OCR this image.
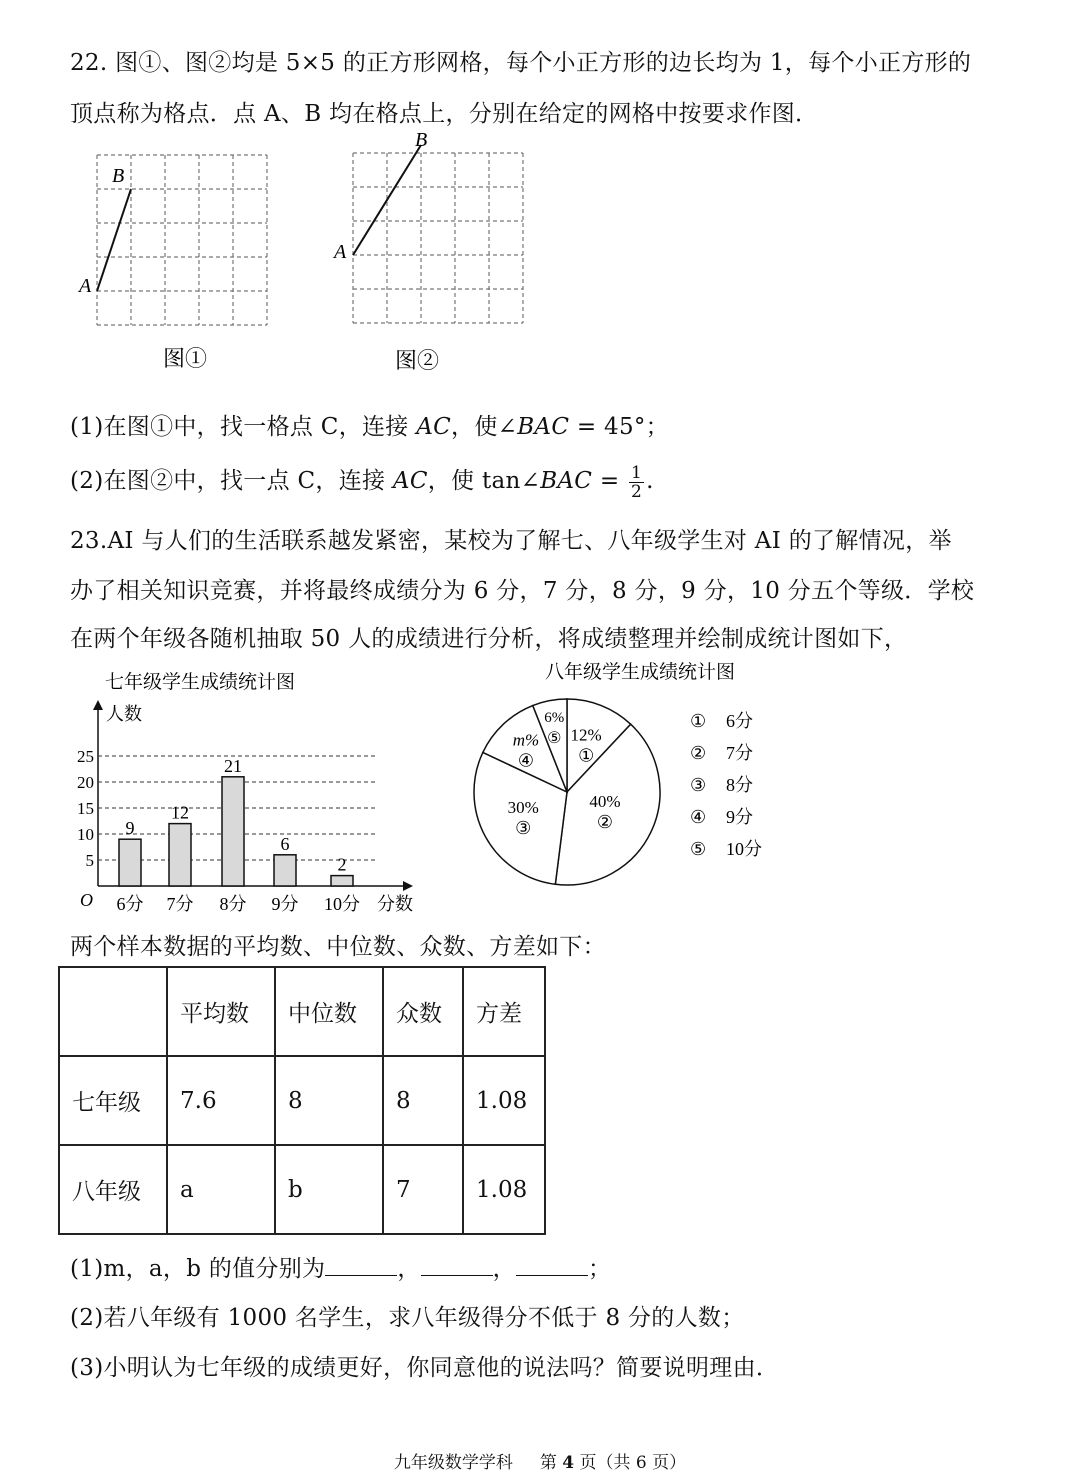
22. 图①、图②均是 5×5 的正方形网格，每个小正方形的边长均为 1，每个小正方形的
顶点称为格点．点 A、B 均在格点上，分别在给定的网格中按要求作图．
B
A
图①
B
A
图②
(1)在图①中，找一格点 C，连接 AC，使∠BAC = 45°；
(2)在图②中，找一点 C，连接 AC，使 tan∠BAC = $\frac{1}{2}$ .
23.AI 与人们的生活联系越发紧密，某校为了解七、八年级学生对 AI 的了解情况，举
办了相关知识竞赛，并将最终成绩分为 6 分，7 分，8 分，9 分，10 分五个等级．学校
在两个年级各随机抽取 50 人的成绩进行分析，将成绩整理并绘制成统计图如下，
七年级学生成绩统计图
人数
分数
O
5
10
15
20
25
9
6分
12
7分
21
8分
6
9分
2
10分
八年级学生成绩统计图
12%
①
40%
②
30%
③
m%
④
6%
⑤
① 6分
② 7分
③ 8分
④ 9分
⑤ 10分
两个样本数据的平均数、中位数、众数、方差如下：
	平均数	中位数	众数	方差
七年级	7.6	8	8	1.08
八年级	a	b	7	1.08
(1)m，a，b 的值分别为	，	，	；
(2)若八年级有 1000 名学生，求八年级得分不低于 8 分的人数；
(3)小明认为七年级的成绩更好，你同意他的说法吗？简要说明理由．
九年级数学学科 第 4 页（共 6 页）
